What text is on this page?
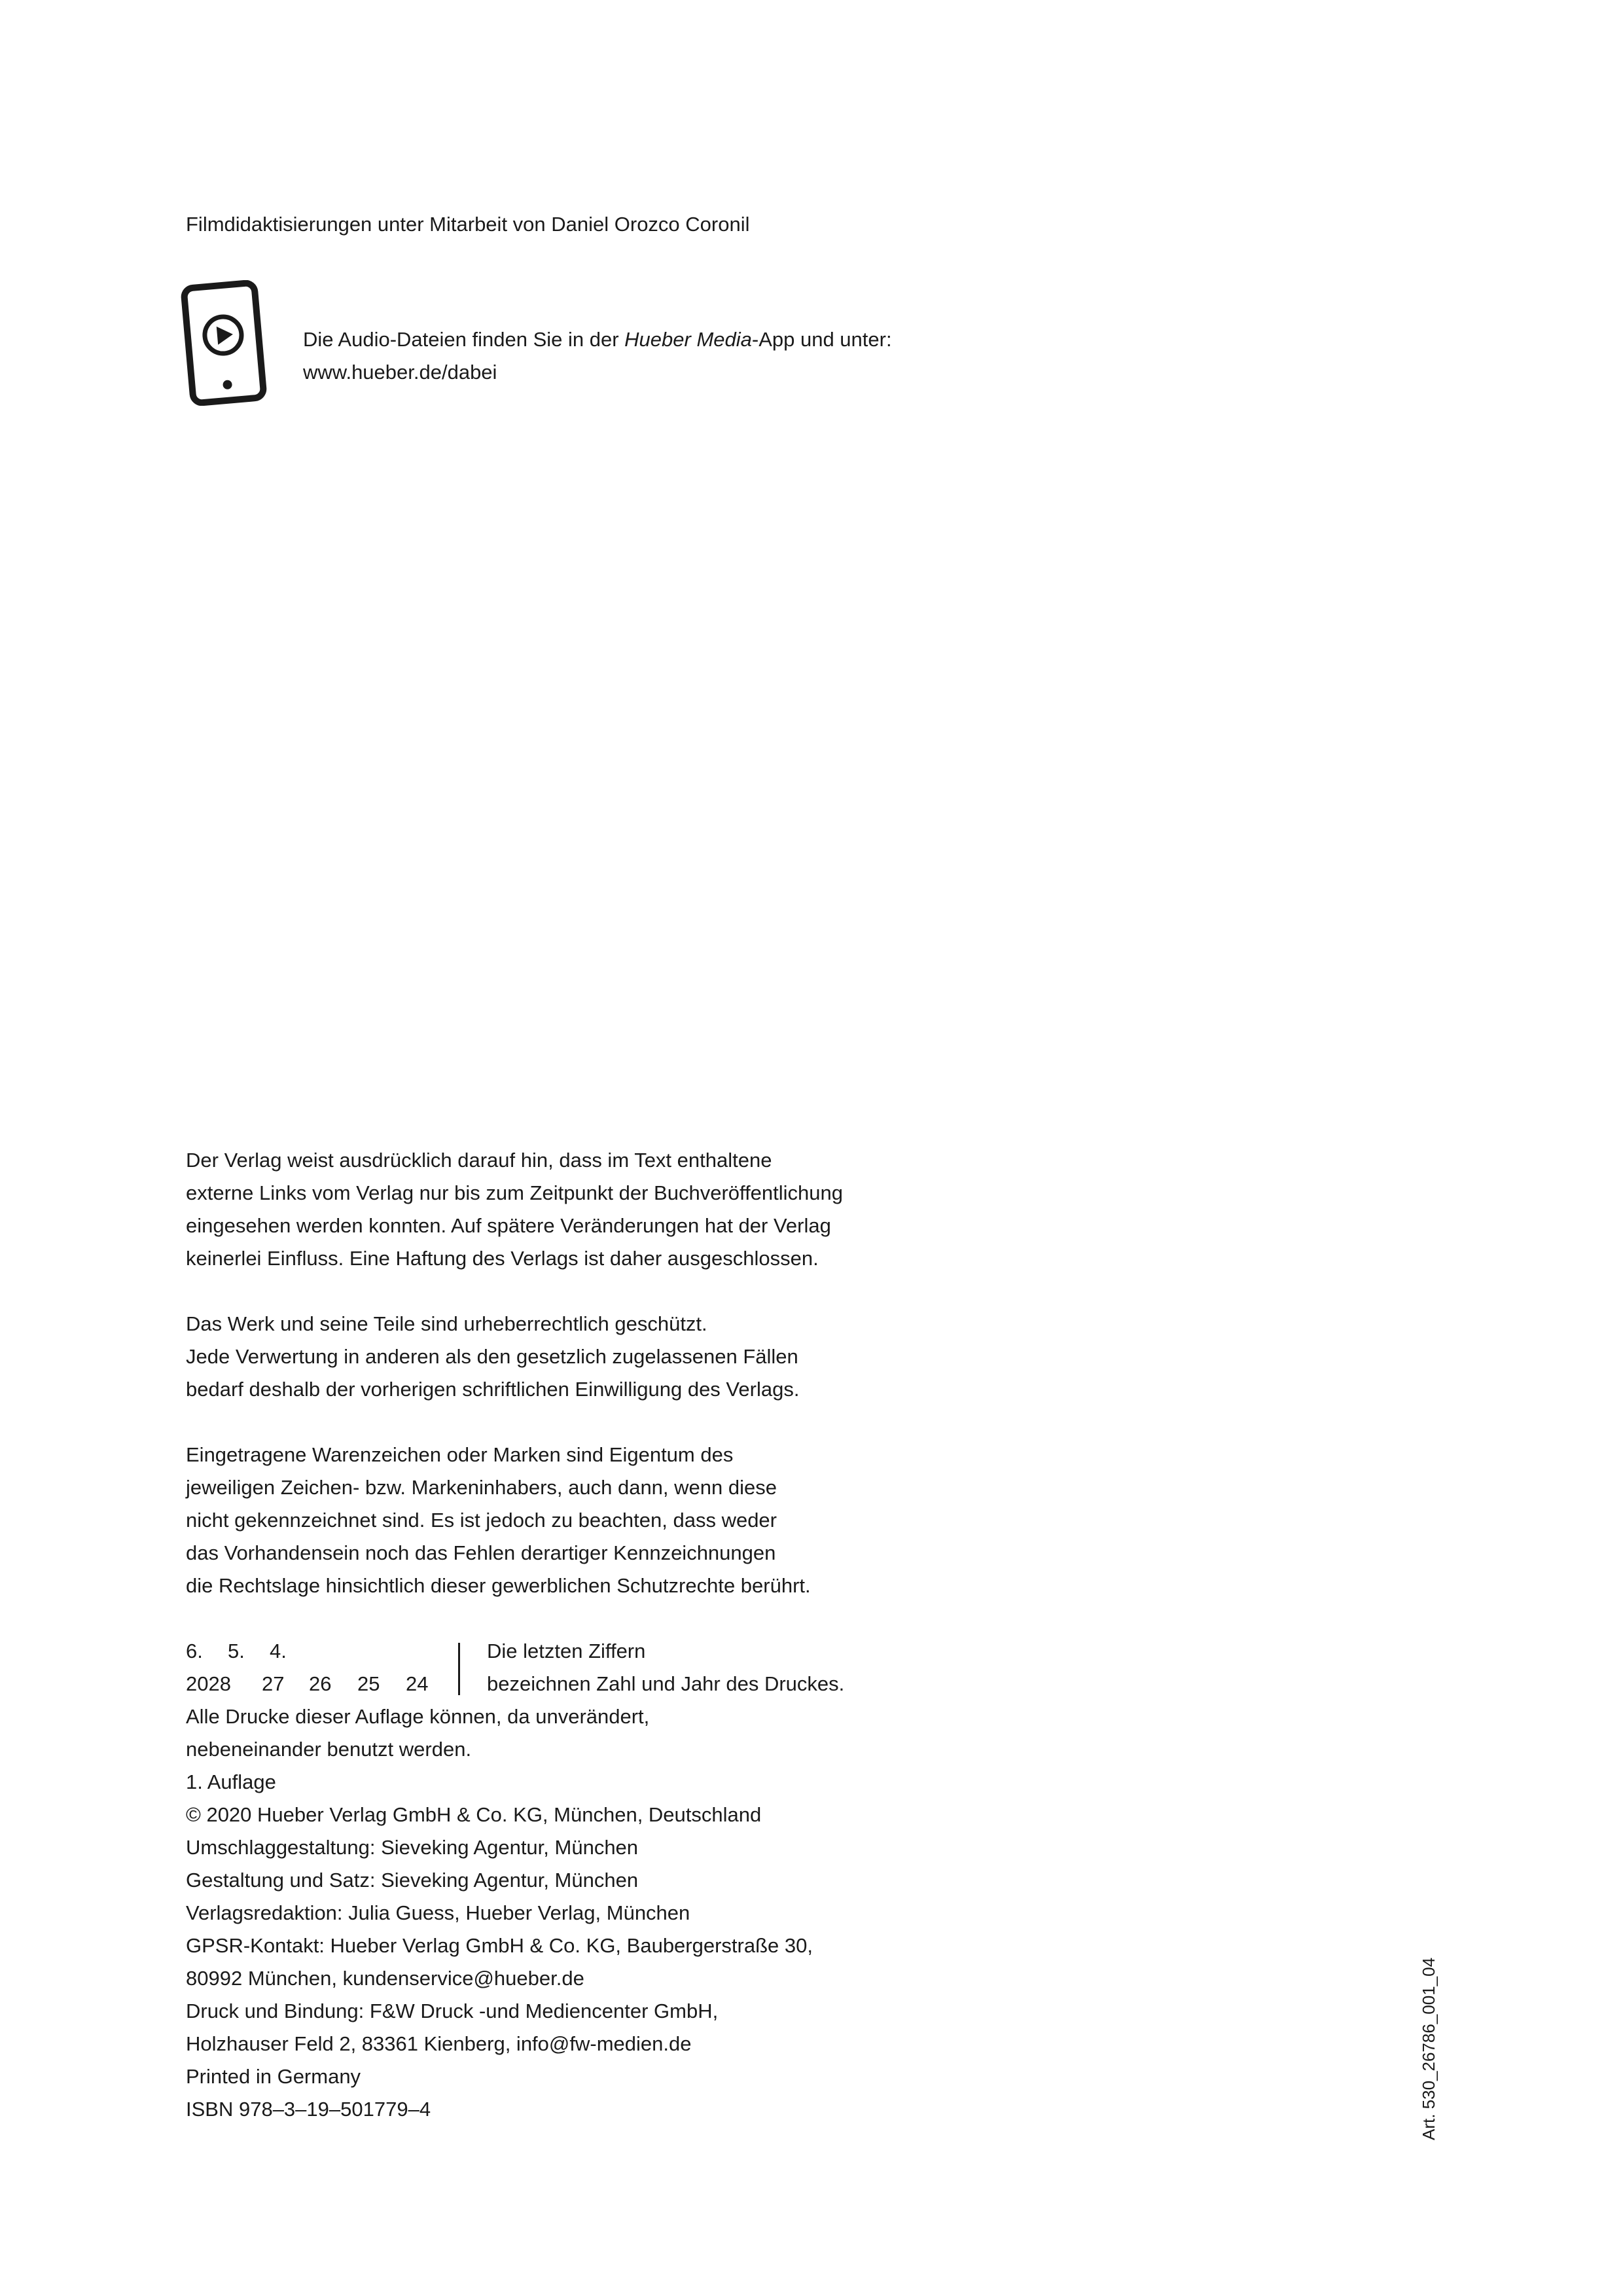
Filmdidaktisierungen unter Mitarbeit von Daniel Orozco Coronil
Die Audio-Dateien finden Sie in der Hueber Media-App und unter:
www.hueber.de/dabei
Der Verlag weist ausdrücklich darauf hin, dass im Text enthaltene
externe Links vom Verlag nur bis zum Zeitpunkt der Buchveröffentlichung
eingesehen werden konnten. Auf spätere Veränderungen hat der Verlag
keinerlei Einfluss. Eine Haftung des Verlags ist daher ausgeschlossen.
Das Werk und seine Teile sind urheberrechtlich geschützt.
Jede Verwertung in anderen als den gesetzlich zugelassenen Fällen
bedarf deshalb der vorherigen schriftlichen Einwilligung des Verlags.
Eingetragene Warenzeichen oder Marken sind Eigentum des
jeweiligen Zeichen- bzw. Markeninhabers, auch dann, wenn diese
nicht gekennzeichnet sind. Es ist jedoch zu beachten, dass weder
das Vorhandensein noch das Fehlen derartiger Kennzeichnungen
die Rechtslage hinsichtlich dieser gewerblichen Schutzrechte berührt.
6. 5. 4.
2028 27 26 25 24
Die letzten Ziffern
bezeichnen Zahl und Jahr des Druckes.
Alle Drucke dieser Auflage können, da unverändert,
nebeneinander benutzt werden.
1. Auflage
© 2020 Hueber Verlag GmbH & Co. KG, München, Deutschland
Umschlaggestaltung: Sieveking Agentur, München
Gestaltung und Satz: Sieveking Agentur, München
Verlagsredaktion: Julia Guess, Hueber Verlag, München
GPSR-Kontakt: Hueber Verlag GmbH & Co. KG, Baubergerstraße 30,
80992 München, kundenservice@hueber.de
Druck und Bindung: F&W Druck -und Mediencenter GmbH,
Holzhauser Feld 2, 83361 Kienberg, info@fw-medien.de
Printed in Germany
ISBN 978–3–19–501779–4	Art. 530_26786_001_04
